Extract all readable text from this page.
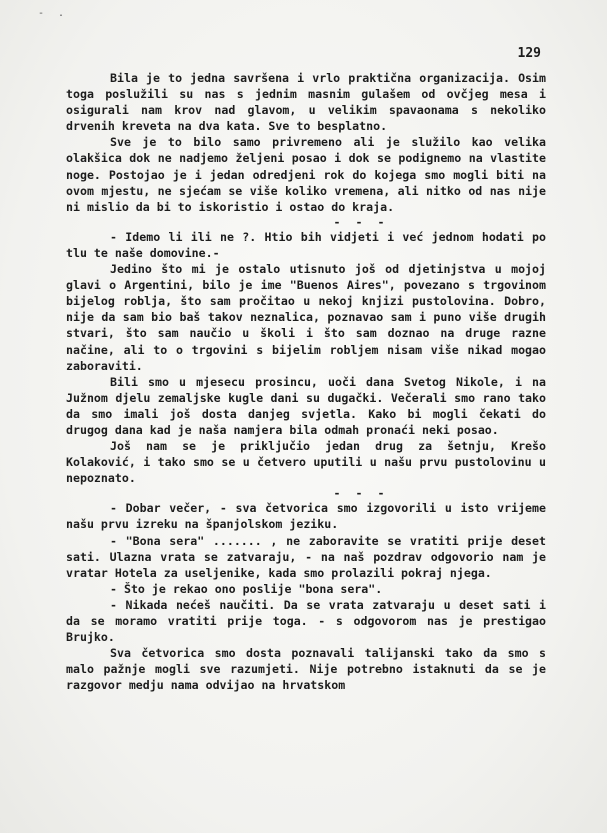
- .
129

Bila je to jedna savršena i vrlo praktična organizacija. Osim toga poslužili su nas s jednim masnim gulašem od ovčjeg mesa i osigurali nam krov nad glavom, u velikim spavaonama s nekoliko drvenih kreveta na dva kata. Sve to besplatno.

Sve je to bilo samo privremeno ali je služilo kao velika olakšica dok ne nadjemo željeni posao i dok se podignemo na vlastite noge. Postojao je i jedan odredjeni rok do kojega smo mogli biti na ovom mjestu, ne sjećam se više koliko vremena, ali nitko od nas nije ni mislio da bi to iskoristio i ostao do kraja.

- - -

- Idemo li ili ne ?. Htio bih vidjeti i već jednom hodati po tlu te naše domovine.-

Jedino što mi je ostalo utisnuto još od djetinjstva u mojoj glavi o Argentini, bilo je ime "Buenos Aires", povezano s trgovinom bijelog roblja, što sam pročitao u nekoj knjizi pustolovina. Dobro, nije da sam bio baš takov neznalica, poznavao sam i puno više drugih stvari, što sam naučio u školi i što sam doznao na druge razne načine, ali to o trgovini s bijelim robljem nisam više nikad mogao zaboraviti.

Bili smo u mjesecu prosincu, uoči dana Svetog Nikole, i na Južnom djelu zemaljske kugle dani su dugački. Večerali smo rano tako da smo imali još dosta danjeg svjetla. Kako bi mogli čekati do drugog dana kad je naša namjera bila odmah pronaći neki posao.

Još nam se je priključio jedan drug za šetnju, Krešo Kolaković, i tako smo se u četvero uputili u našu prvu pustolovinu u nepoznato.

- - -

- Dobar večer, - sva četvorica smo izgovorili u isto vrijeme našu prvu izreku na španjolskom jeziku.

- "Bona sera" ....... , ne zaboravite se vratiti prije deset sati. Ulazna vrata se zatvaraju, - na naš pozdrav odgovorio nam je vratar Hotela za useljenike, kada smo prolazili pokraj njega.

- Što je rekao ono poslije "bona sera".

- Nikada nećeš naučiti. Da se vrata zatvaraju u deset sati i da se moramo vratiti prije toga. - s odgovorom nas je prestigao Brujko.

Sva četvorica smo dosta poznavali talijanski tako da smo s malo pažnje mogli sve razumjeti. Nije potrebno istaknuti da se je razgovor medju nama odvijao na hrvatskom
